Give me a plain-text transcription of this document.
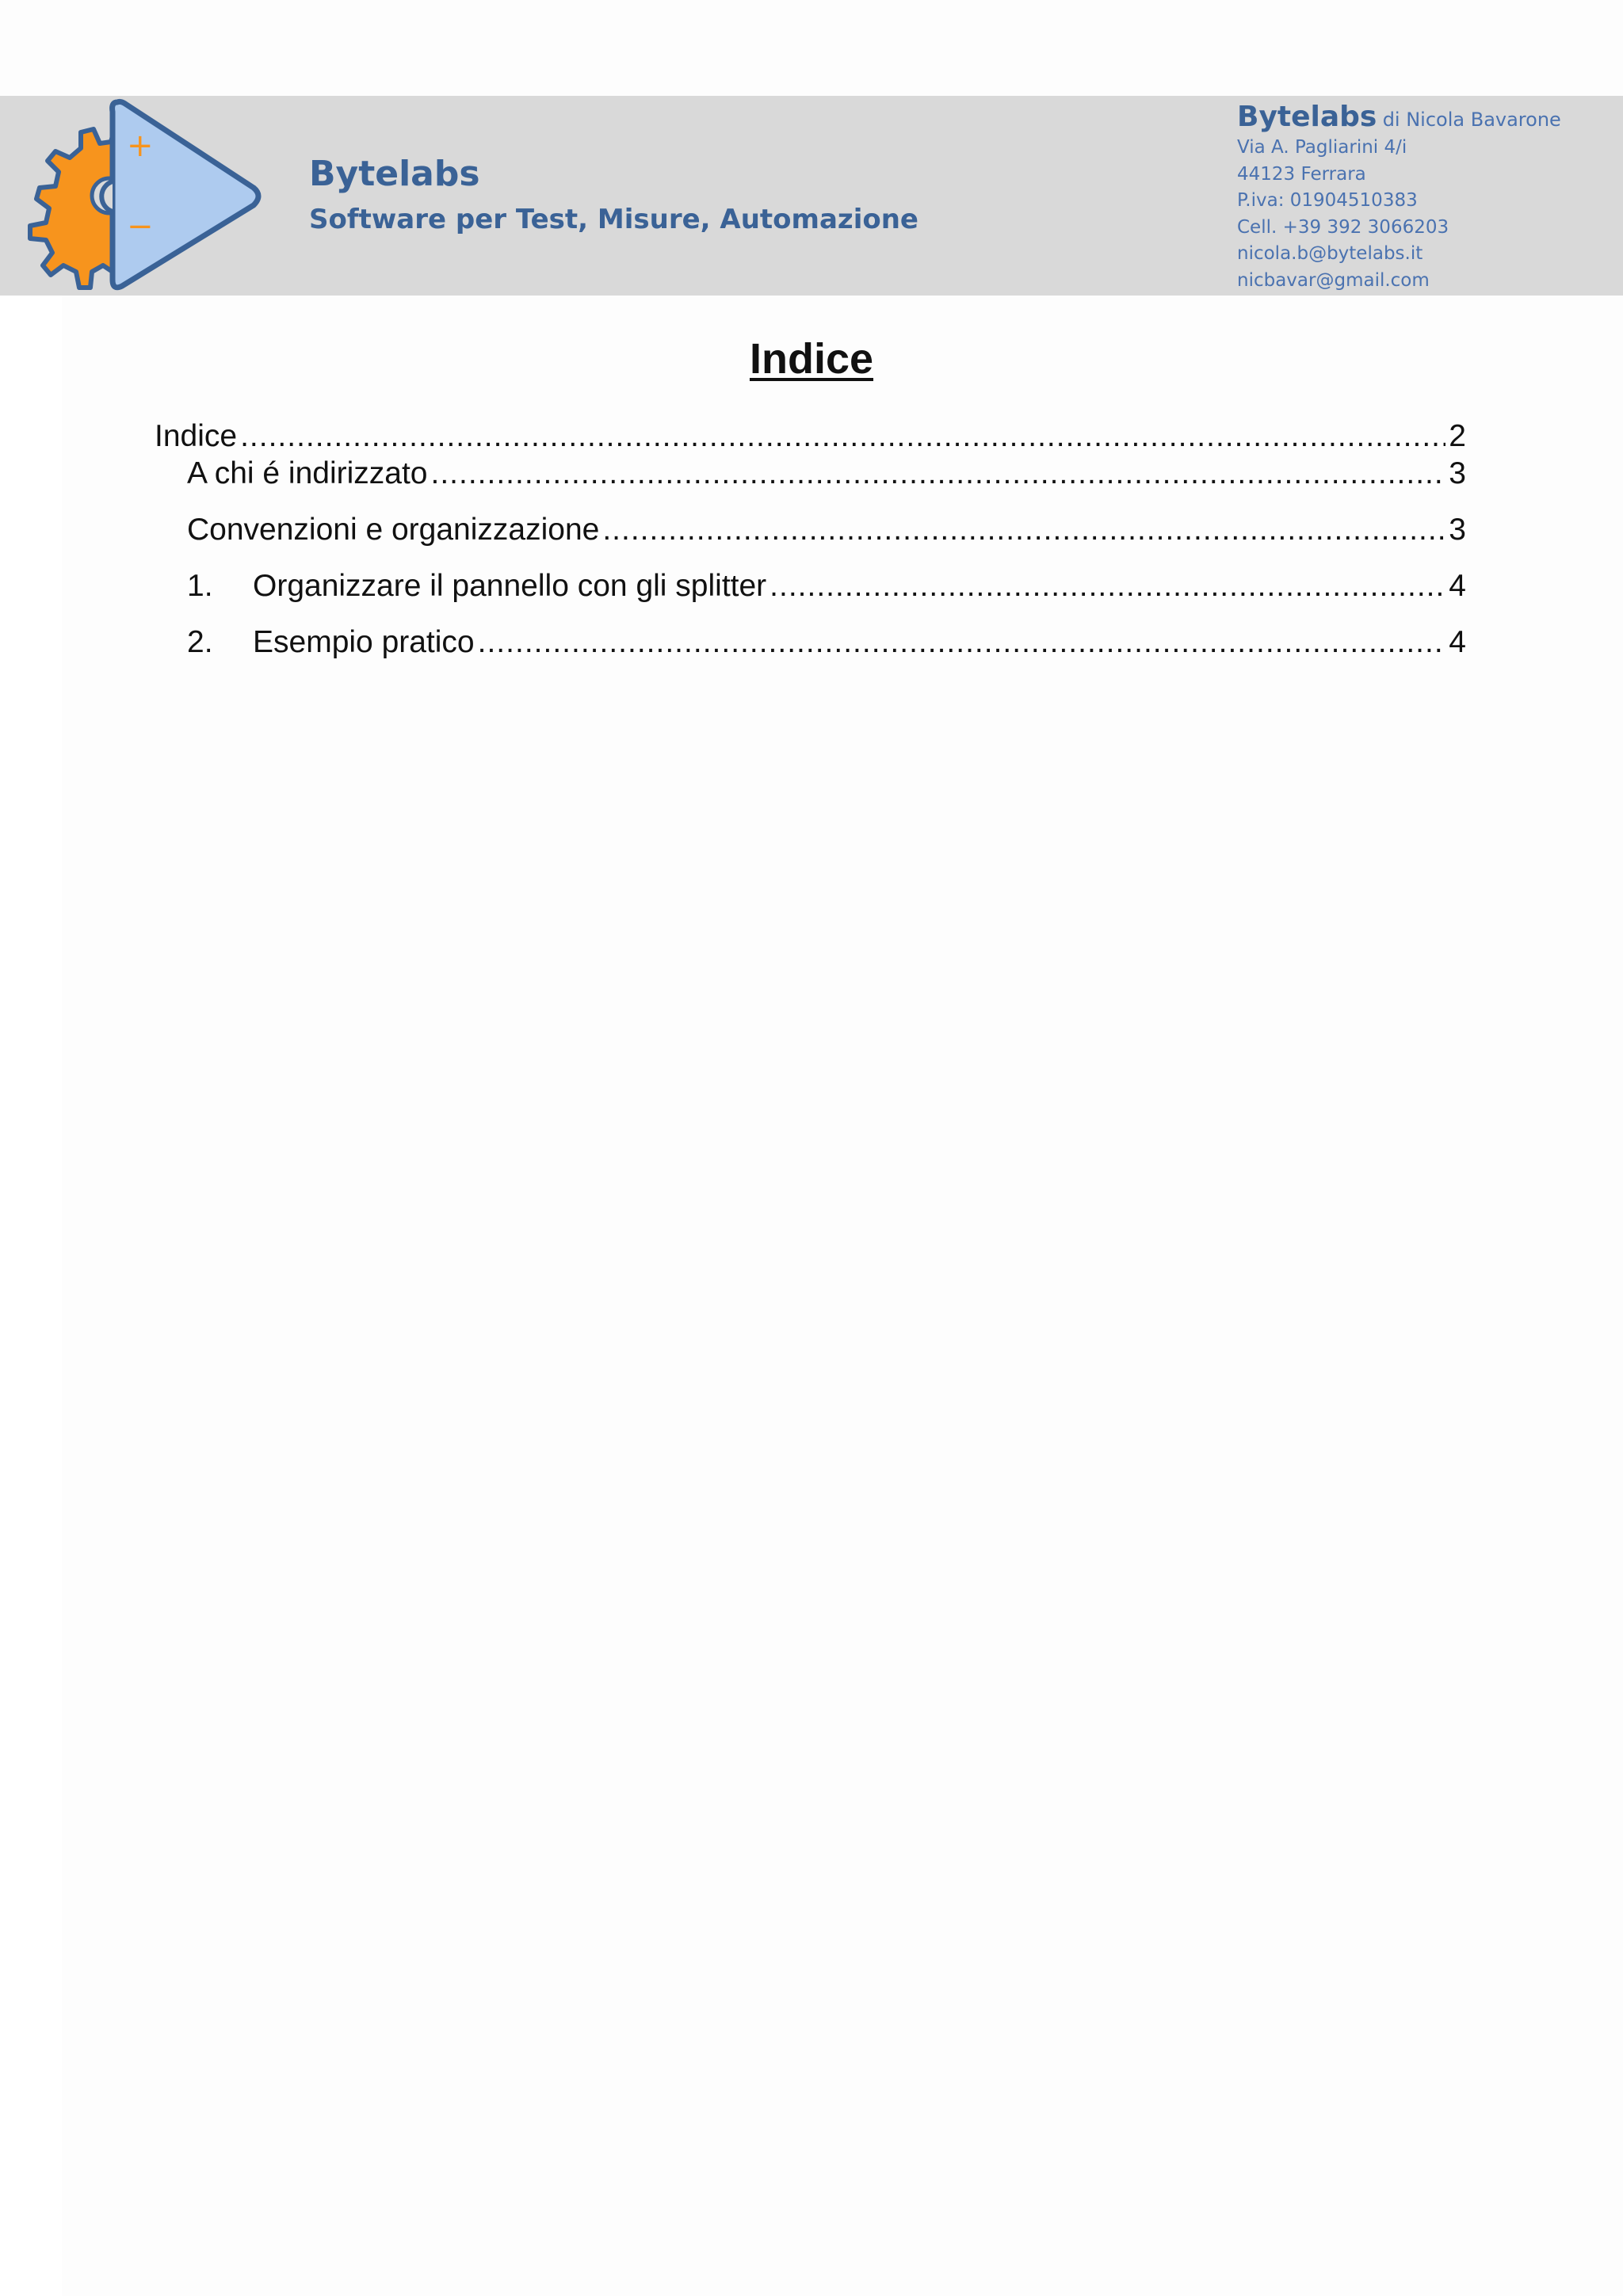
+
−
Bytelabs
Software per Test, Misure, Automazione
Bytelabs di Nicola Bavarone
Via A. Pagliarini 4/i
44123 Ferrara
P.iva: 01904510383
Cell. +39 392 3066203
nicola.b@bytelabs.it
nicbavar@gmail.com
Indice
Indice .....	2
A chi é indirizzato .....	3
Convenzioni e organizzazione .....	3
1.	Organizzare il pannello con gli splitter .....	4
2.	Esempio pratico .....	4
